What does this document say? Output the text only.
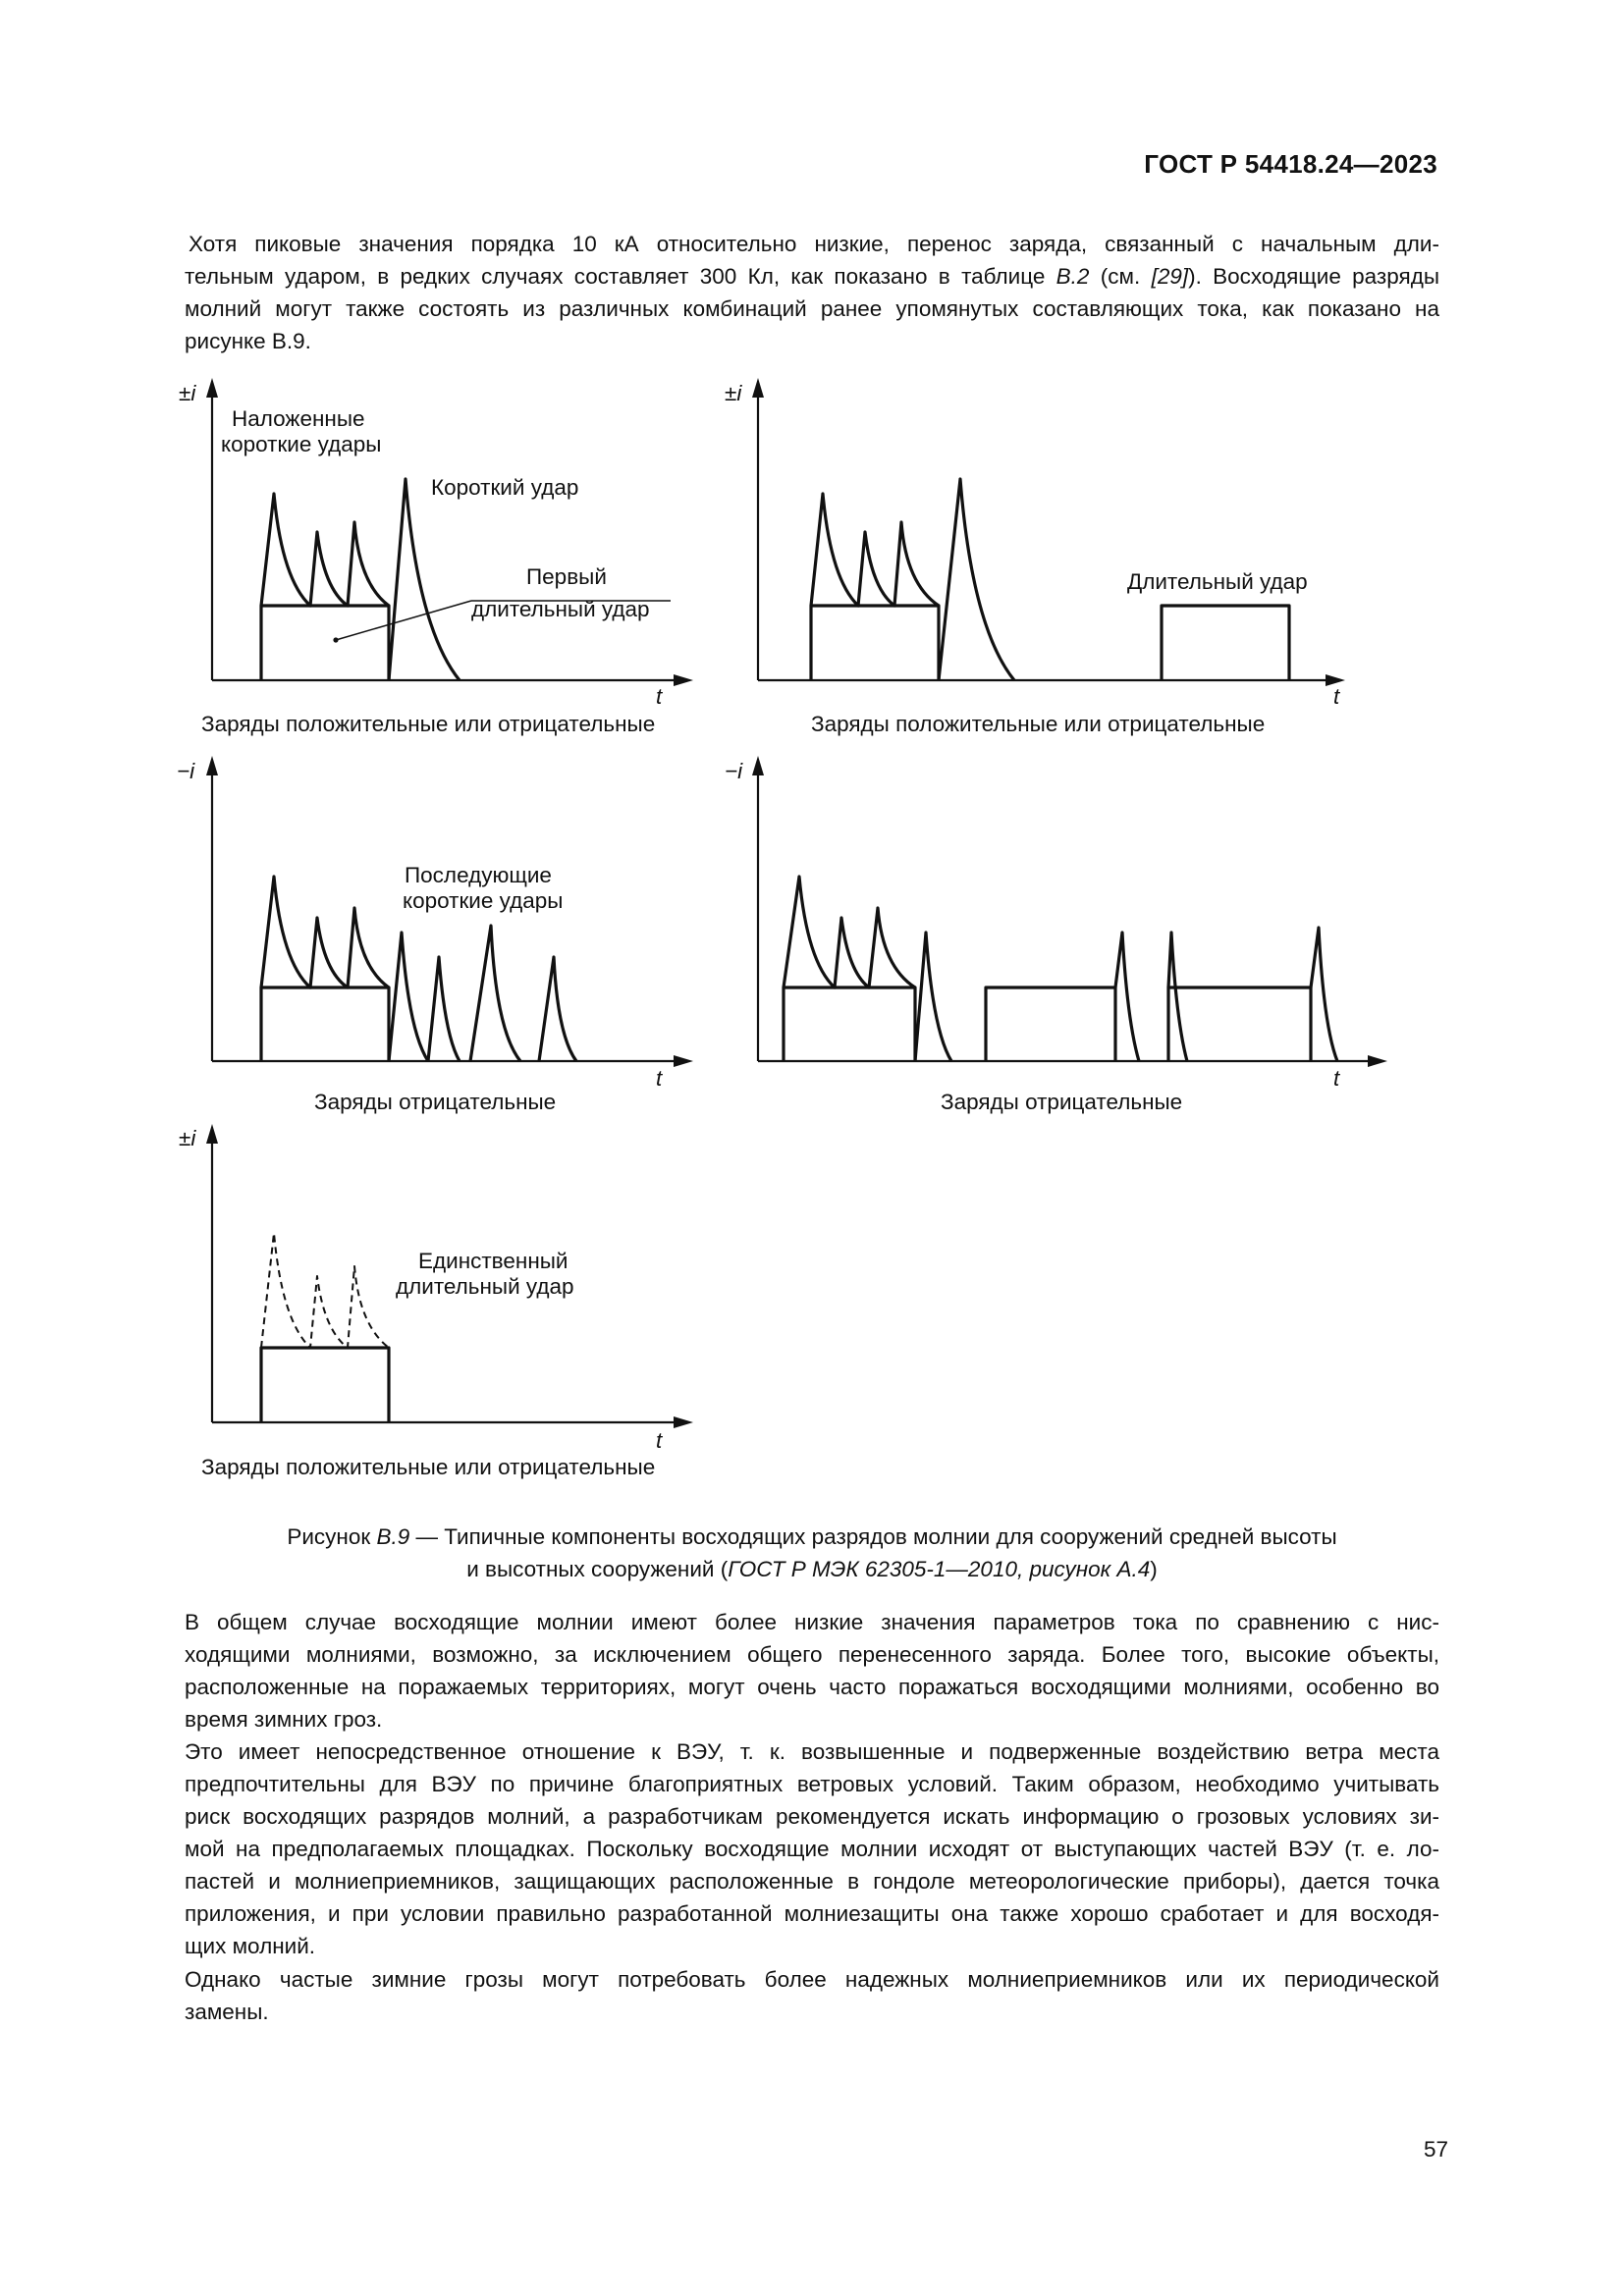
ГОСТ Р 54418.24—2023
Хотя пиковые значения порядка 10 кА относительно низкие, перенос заряда, связанный с начальным дли-
тельным ударом, в редких случаях составляет 300 Кл, как показано в таблице В.2 (см. [29]). Восходящие разряды
молний могут также состоять из различных комбинаций ранее упомянутых составляющих тока, как показано на
рисунке В.9.
±i
t
Наложенные
короткие удары
Короткий удар
Первый
длительный удар
Заряды положительные или отрицательные
±i
t
Длительный удар
Заряды положительные или отрицательные
−i
t
Последующие
короткие удары
Заряды отрицательные
−i
t
Заряды отрицательные
±i
t
Единственный
длительный удар
Заряды положительные или отрицательные
Рисунок В.9 — Типичные компоненты восходящих разрядов молнии для сооружений средней высоты
и высотных сооружений (ГОСТ Р МЭК 62305-1—2010, рисунок А.4)
В общем случае восходящие молнии имеют более низкие значения параметров тока по сравнению с нис-
ходящими молниями, возможно, за исключением общего перенесенного заряда. Более того, высокие объекты,
расположенные на поражаемых территориях, могут очень часто поражаться восходящими молниями, особенно во
время зимних гроз.
Это имеет непосредственное отношение к ВЭУ, т. к. возвышенные и подверженные воздействию ветра места
предпочтительны для ВЭУ по причине благоприятных ветровых условий. Таким образом, необходимо учитывать
риск восходящих разрядов молний, а разработчикам рекомендуется искать информацию о грозовых условиях зи-
мой на предполагаемых площадках. Поскольку восходящие молнии исходят от выступающих частей ВЭУ (т. е. ло-
пастей и молниеприемников, защищающих расположенные в гондоле метеорологические приборы), дается точка
приложения, и при условии правильно разработанной молниезащиты она также хорошо сработает и для восходя-
щих молний.
Однако частые зимние грозы могут потребовать более надежных молниеприемников или их периодической
замены.
57
